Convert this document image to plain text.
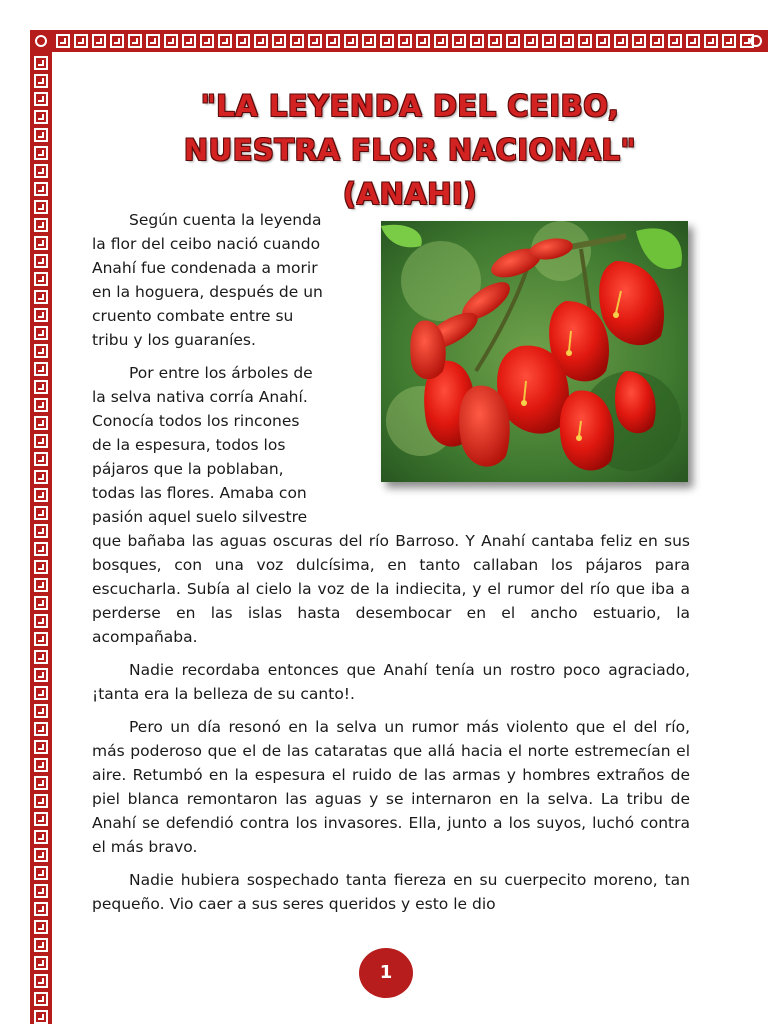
"LA LEYENDA DEL CEIBO,
NUESTRA FLOR NACIONAL"
(ANAHI)

Según cuenta la leyenda
la flor del ceibo nació cuando
Anahí fue condenada a morir
en la hoguera, después de un
cruento combate entre su
tribu y los guaraníes.

Por entre los árboles de
la selva nativa corría Anahí.
Conocía todos los rincones
de la espesura, todos los
pájaros que la poblaban,
todas las flores. Amaba con
pasión aquel suelo silvestre

que bañaba las aguas oscuras del río Barroso. Y Anahí cantaba feliz en sus bosques, con una voz dulcísima, en tanto callaban los pájaros para escucharla. Subía al cielo la voz de la indiecita, y el rumor del río que iba a perderse en las islas hasta desembocar en el ancho estuario, la acompañaba.

Nadie recordaba entonces que Anahí tenía un rostro poco agraciado, ¡tanta era la belleza de su canto!.

Pero un día resonó en la selva un rumor más violento que el del río, más poderoso que el de las cataratas que allá hacia el norte estremecían el aire. Retumbó en la espesura el ruido de las armas y hombres extraños de piel blanca remontaron las aguas y se internaron en la selva. La tribu de Anahí se defendió contra los invasores. Ella, junto a los suyos, luchó contra el más bravo.

Nadie hubiera sospechado tanta fiereza en su cuerpecito moreno, tan pequeño. Vio caer a sus seres queridos y esto le dio

1
